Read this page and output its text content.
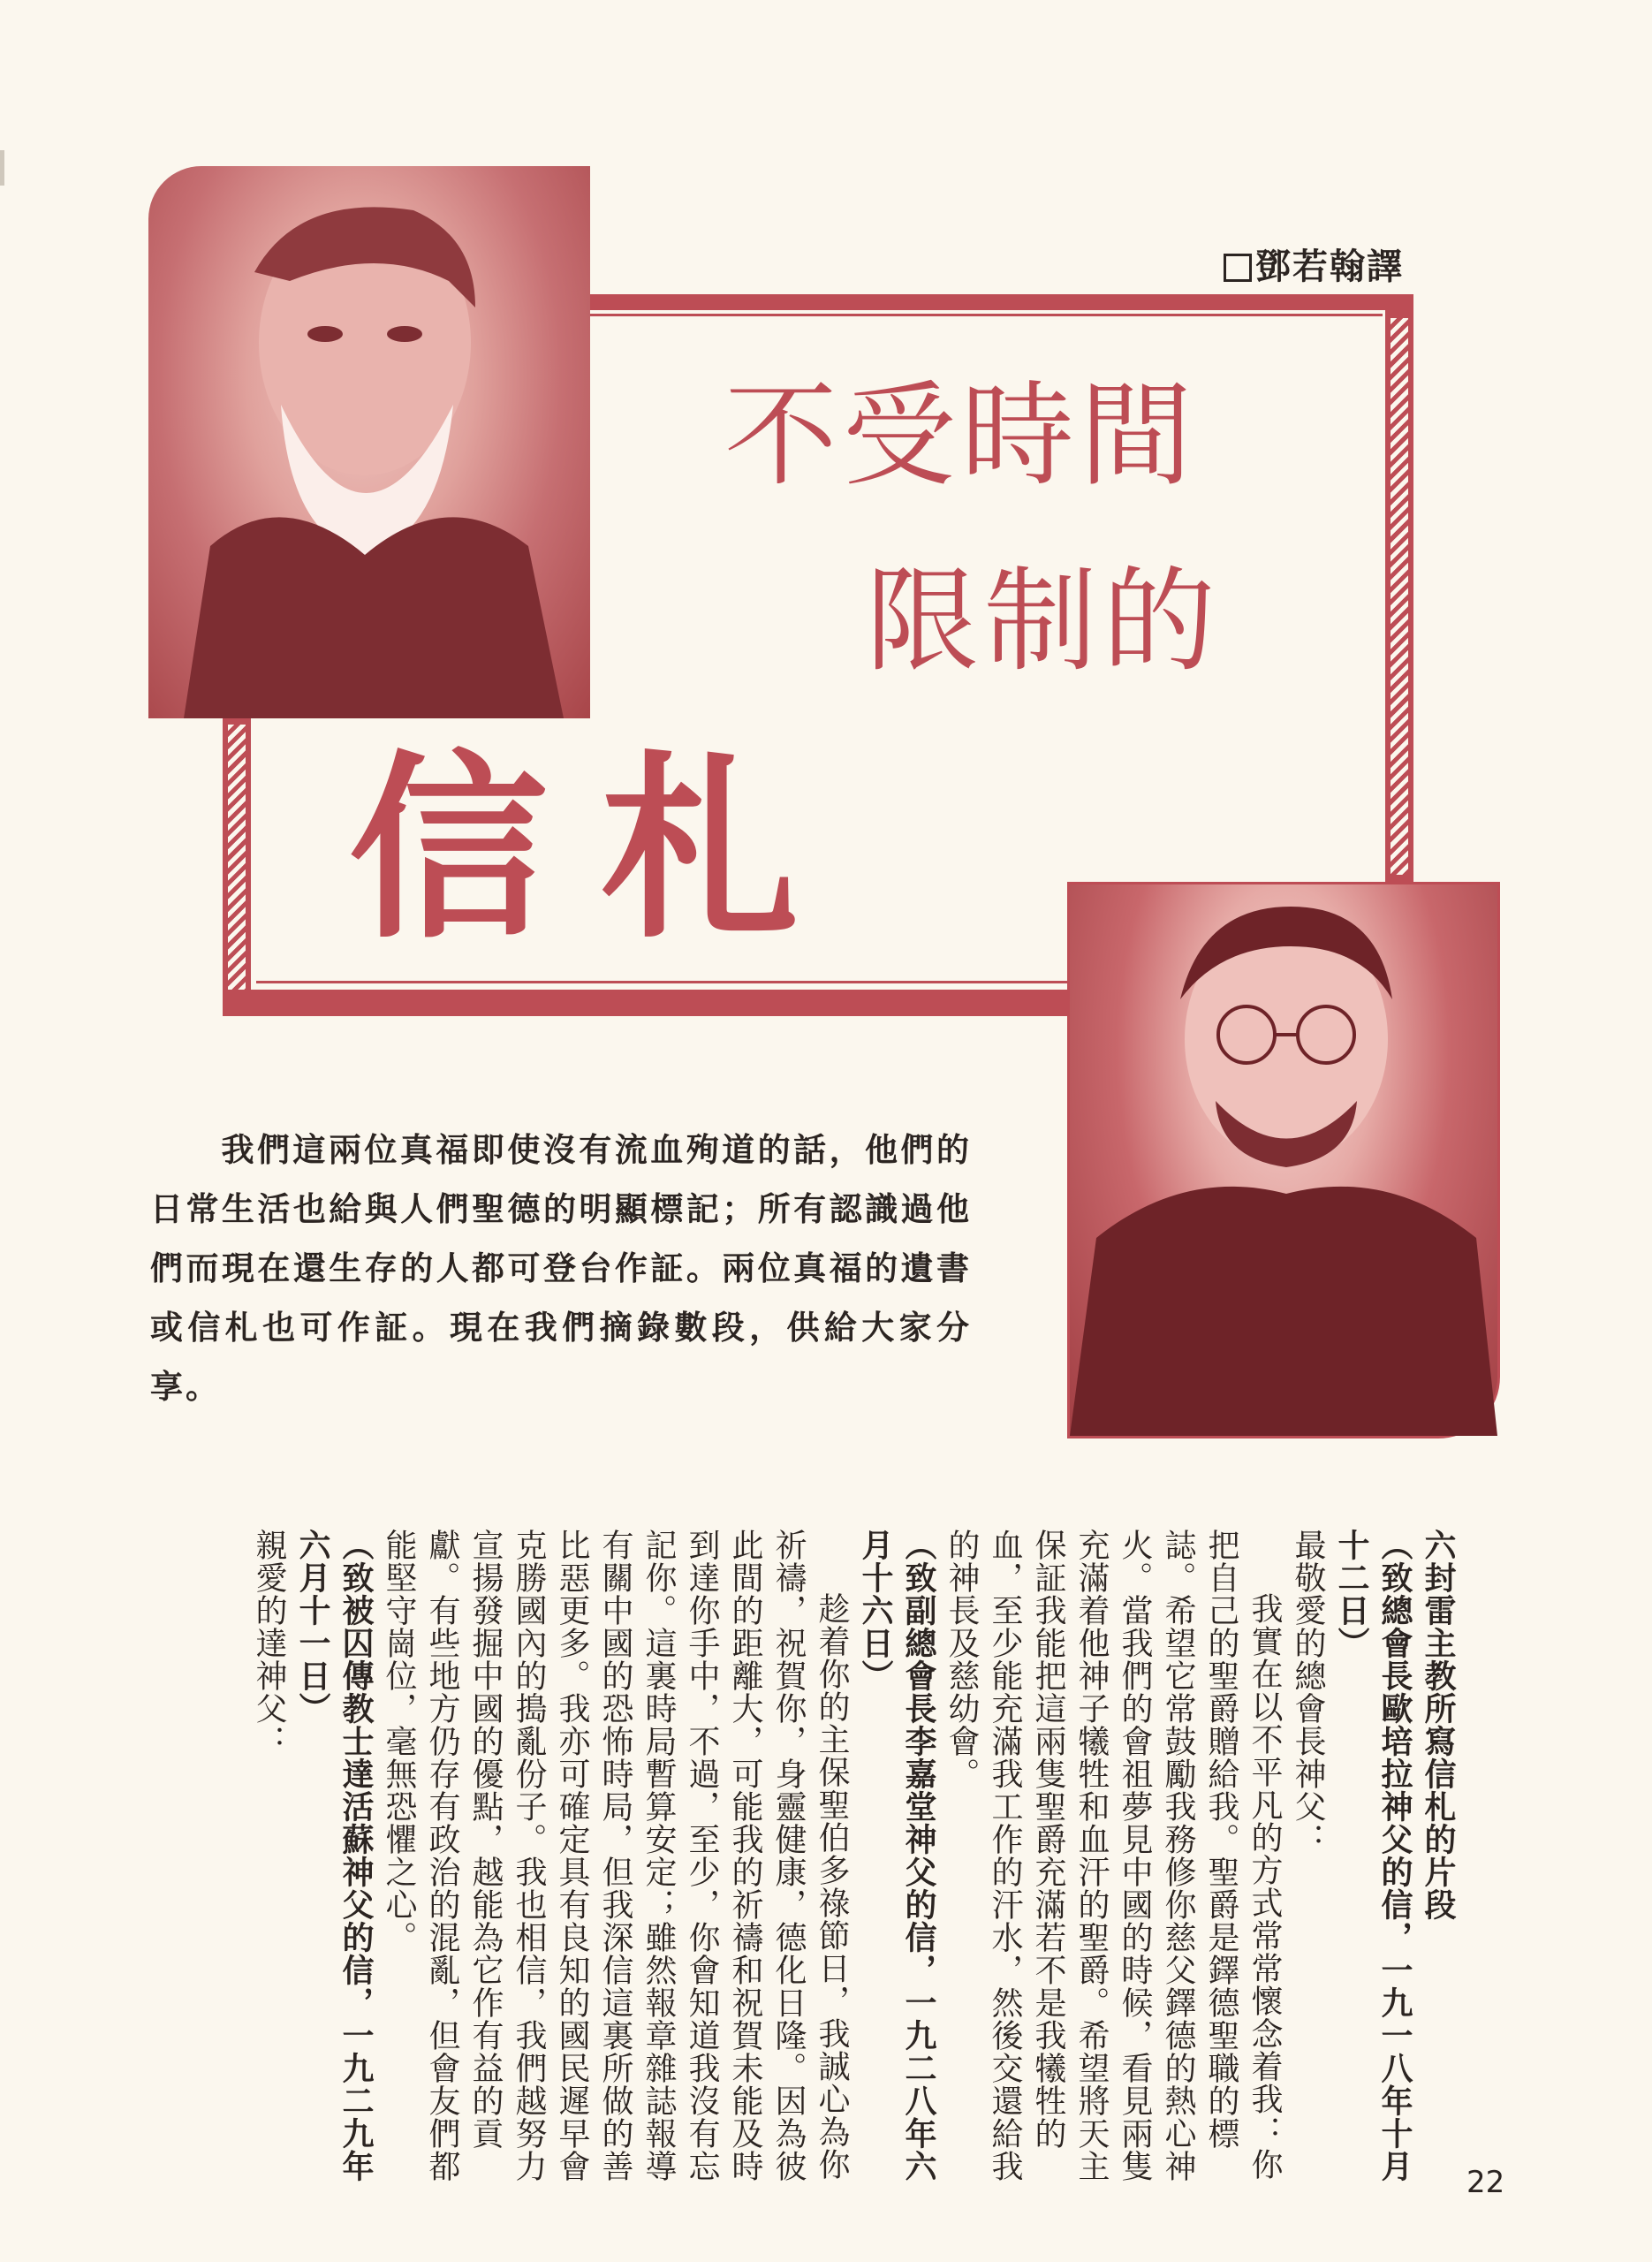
鄧若翰譯
不受時間
限制的
信札
我們這兩位真福即使沒有流血殉道的話，他們的日常生活也給與人們聖德的明顯標記；所有認識過他們而現在還生存的人都可登台作証。兩位真福的遺書或信札也可作証。現在我們摘錄數段，供給大家分享。

六封雷主教所寫信札的片段

（致總會長歐培拉神父的信，一九一八年十月十二日）

最敬愛的總會長神父：

我實在以不平凡的方式常常懷念着我：你把自己的聖爵贈給我。聖爵是鐸德聖職的標誌。希望它常鼓勵我務修你慈父鐸德的熱心神火。當我們的會祖夢見中國的時候，看見兩隻充滿着他神子犧牲和血汗的聖爵。希望將天主保証我能把這兩隻聖爵充滿若不是我犧牲的血，至少能充滿我工作的汗水，然後交還給我的神長及慈幼會。

（致副總會長李嘉堂神父的信，一九二八年六月十六日）

趁着你的主保聖伯多祿節日，我誠心為你祈禱，祝賀你，身靈健康，德化日隆。因為彼此間的距離大，可能我的祈禱和祝賀未能及時到達你手中，不過，至少，你會知道我沒有忘記你。這裏時局暫算安定；雖然報章雜誌報導有關中國的恐怖時局，但我深信這裏所做的善比惡更多。我亦可確定具有良知的國民遲早會克勝國內的搗亂份子。我也相信，我們越努力宣揚發掘中國的優點，越能為它作有益的貢獻。有些地方仍存有政治的混亂，但會友們都能堅守崗位，毫無恐懼之心。

（致被囚傳教士達活蘇神父的信，一九二九年六月十一日）

親愛的達神父：

22
